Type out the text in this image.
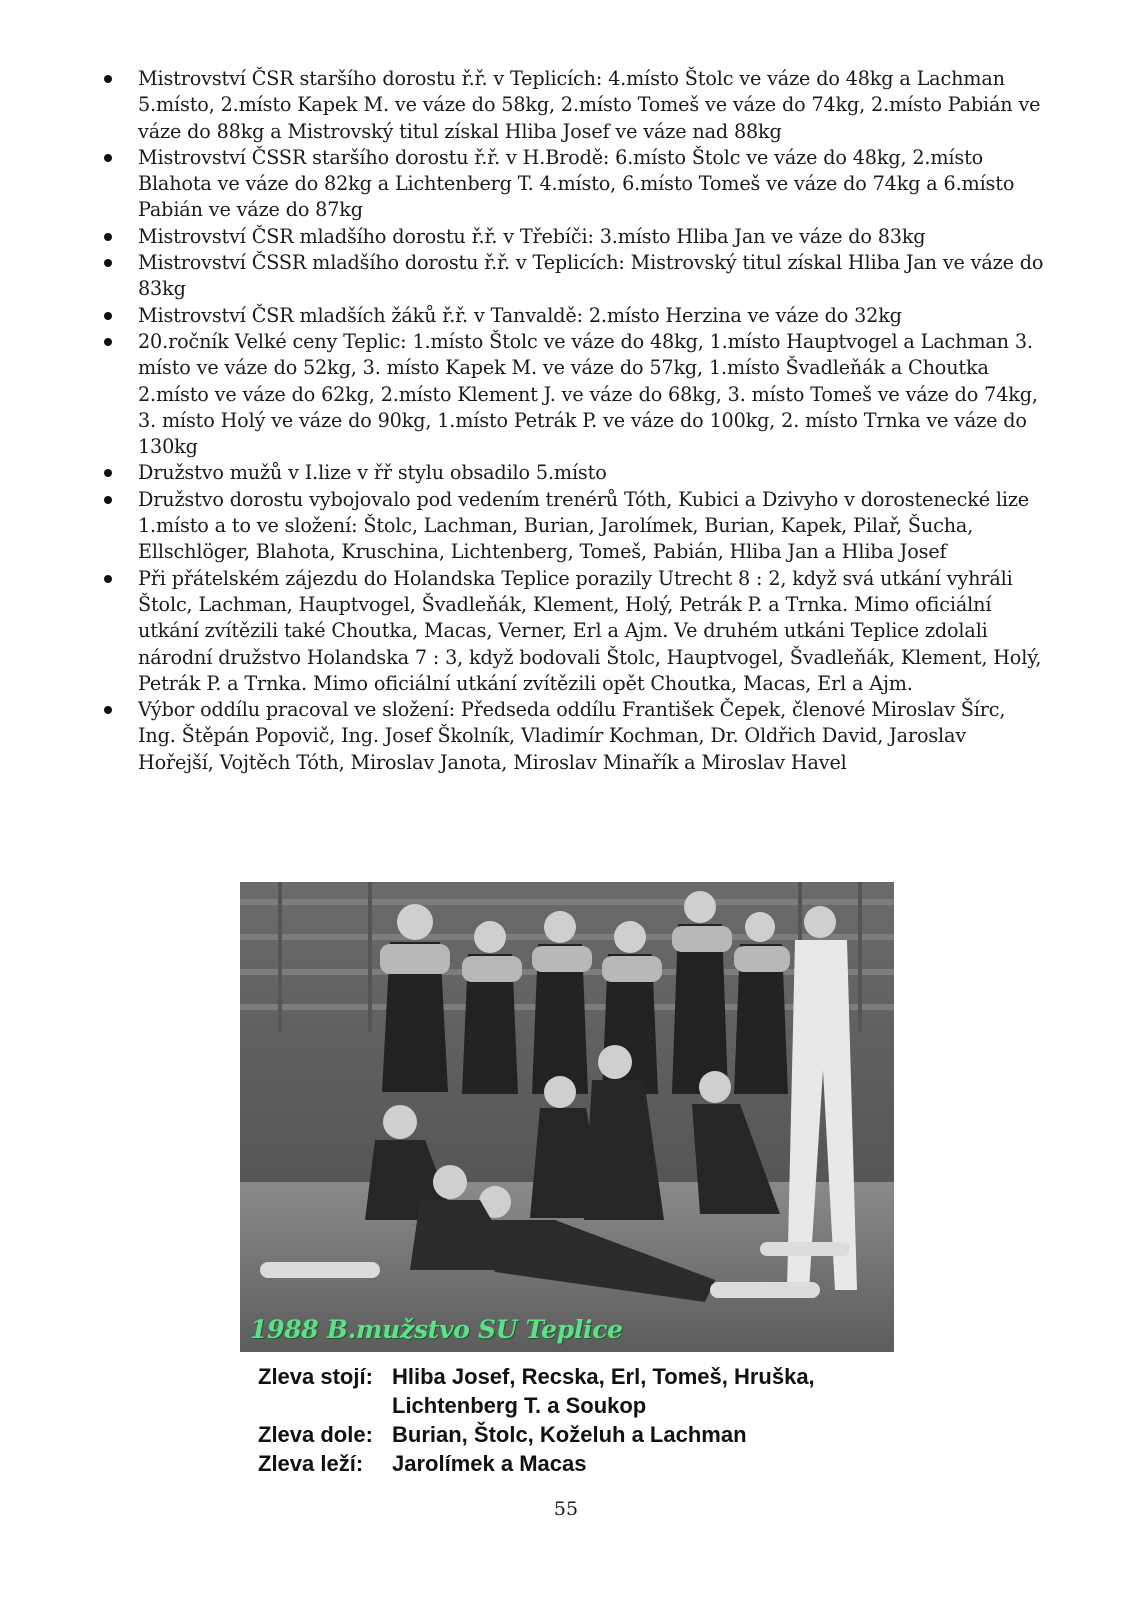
Mistrovství ČSR staršího dorostu ř.ř. v Teplicích: 4.místo Štolc ve váze do 48kg a Lachman 5.místo, 2.místo Kapek M. ve váze do 58kg, 2.místo Tomeš ve váze do 74kg, 2.místo Pabián ve váze do 88kg a Mistrovský titul získal Hliba Josef ve váze nad 88kg
Mistrovství ČSSR staršího dorostu ř.ř. v H.Brodě: 6.místo Štolc ve váze do 48kg, 2.místo Blahota ve váze do 82kg a Lichtenberg T. 4.místo, 6.místo Tomeš ve váze do 74kg a 6.místo Pabián ve váze do 87kg
Mistrovství ČSR mladšího dorostu ř.ř. v Třebíči: 3.místo Hliba Jan ve váze do 83kg
Mistrovství ČSSR mladšího dorostu ř.ř. v Teplicích: Mistrovský titul získal Hliba Jan ve váze do 83kg
Mistrovství ČSR mladších žáků ř.ř. v Tanvaldě: 2.místo Herzina ve váze do 32kg
20.ročník Velké ceny Teplic: 1.místo Štolc ve váze do 48kg, 1.místo Hauptvogel a Lachman 3. místo ve váze do 52kg, 3. místo Kapek M. ve váze do 57kg, 1.místo Švadleňák a Choutka 2.místo ve váze do 62kg, 2.místo Klement J. ve váze do 68kg, 3. místo Tomeš ve váze do 74kg, 3. místo Holý ve váze do 90kg, 1.místo Petrák P. ve váze do 100kg, 2. místo Trnka ve váze do 130kg
Družstvo mužů v I.lize v řř stylu obsadilo 5.místo
Družstvo dorostu vybojovalo pod vedením trenérů Tóth, Kubici a Dzivyho v dorostenecké lize 1.místo a to ve složení: Štolc, Lachman, Burian, Jarolímek, Burian, Kapek, Pilař, Šucha, Ellschlöger, Blahota, Kruschina, Lichtenberg, Tomeš, Pabián, Hliba Jan a Hliba Josef
Při přátelském zájezdu do Holandska Teplice porazily Utrecht 8 : 2, když svá utkání vyhráli Štolc, Lachman, Hauptvogel, Švadleňák, Klement, Holý, Petrák P. a Trnka. Mimo oficiální utkání zvítězili také Choutka, Macas, Verner, Erl a Ajm. Ve druhém utkáni Teplice zdolali národní družstvo Holandska 7 : 3, když bodovali Štolc, Hauptvogel, Švadleňák, Klement, Holý, Petrák P. a Trnka. Mimo oficiální utkání zvítězili opět Choutka, Macas, Erl a Ajm.
Výbor oddílu pracoval ve složení: Předseda oddílu František Čepek, členové Miroslav Šírc, Ing. Štěpán Popovič, Ing. Josef Školník, Vladimír Kochman, Dr. Oldřich David, Jaroslav Hořejší, Vojtěch Tóth, Miroslav Janota, Miroslav Minařík a Miroslav Havel
1988 B.mužstvo SU Teplice
Zleva stojí: Hliba Josef, Recska, Erl, Tomeš, Hruška,
Lichtenberg T. a Soukop
Zleva dole: Burian, Štolc, Koželuh a Lachman
Zleva leží: Jarolímek a Macas
55
